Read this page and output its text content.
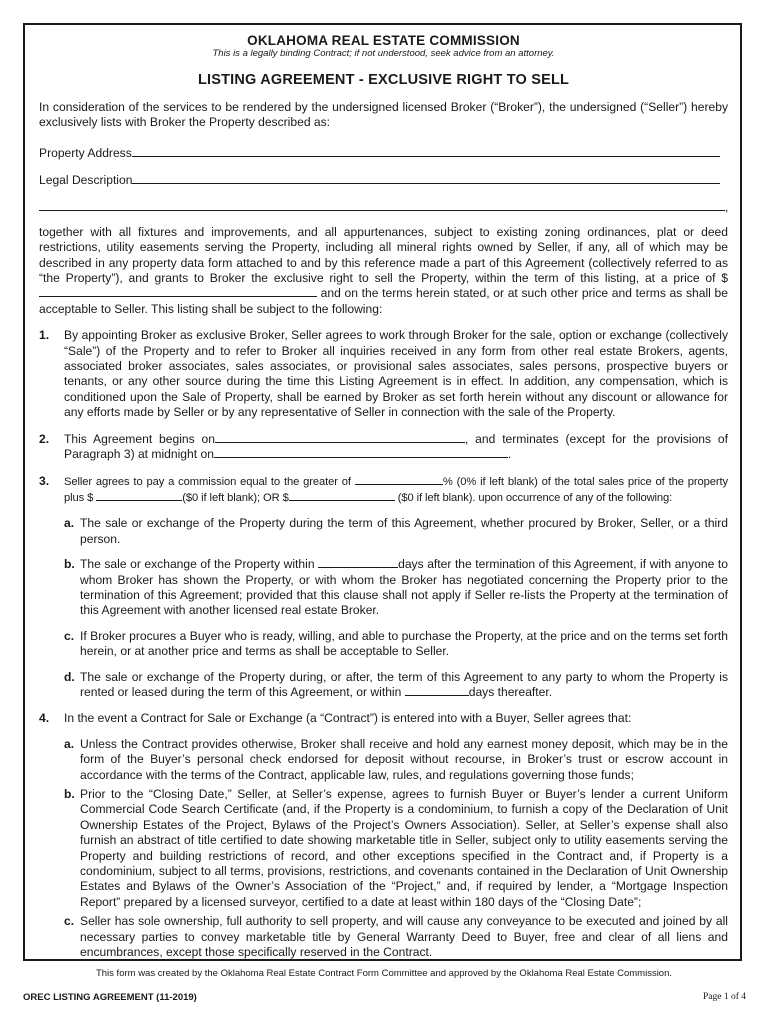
OKLAHOMA REAL ESTATE COMMISSION
This is a legally binding Contract; if not understood, seek advice from an attorney.
LISTING AGREEMENT - EXCLUSIVE RIGHT TO SELL

In consideration of the services to be rendered by the undersigned licensed Broker (“Broker”), the undersigned (“Seller”) hereby exclusively lists with Broker the Property described as:

Property Address
Legal Description
,

together with all fixtures and improvements, and all appurtenances, subject to existing zoning ordinances, plat or deed restrictions, utility easements serving the Property, including all mineral rights owned by Seller, if any, all of which may be described in any property data form attached to and by this reference made a part of this Agreement (collectively referred to as “the Property”), and grants to Broker the exclusive right to sell the Property, within the term of this listing, at a price of $ and on the terms herein stated, or at such other price and terms as shall be acceptable to Seller. This listing shall be subject to the following:

1.	By appointing Broker as exclusive Broker, Seller agrees to work through Broker for the sale, option or exchange (collectively “Sale”) of the Property and to refer to Broker all inquiries received in any form from other real estate Brokers, agents, associated broker associates, sales associates, or provisional sales associates, sales persons, prospective buyers or tenants, or any other source during the time this Listing Agreement is in effect. In addition, any compensation, which is conditioned upon the Sale of Property, shall be earned by Broker as set forth herein without any discount or allowance for any efforts made by Seller or by any representative of Seller in connection with the sale of the Property.
2.	This Agreement begins on	, and terminates (except for the provisions of Paragraph 3) at midnight on	.
3.	Seller agrees to pay a commission equal to the greater of	% (0% if left blank) of the total sales price of the property plus $	($0 if left blank); OR $	($0 if left blank). upon occurrence of any of the following:
a. The sale or exchange of the Property during the term of this Agreement, whether procured by Broker, Seller, or a third person.
b. The sale or exchange of the Property within	days after the termination of this Agreement, if with anyone to whom Broker has shown the Property, or with whom the Broker has negotiated concerning the Property prior to the termination of this Agreement; provided that this clause shall not apply if Seller re-lists the Property at the termination of this Agreement with another licensed real estate Broker.
c. If Broker procures a Buyer who is ready, willing, and able to purchase the Property, at the price and on the terms set forth herein, or at another price and terms as shall be acceptable to Seller.
d. The sale or exchange of the Property during, or after, the term of this Agreement to any party to whom the Property is rented or leased during the term of this Agreement, or within	days thereafter.
4.	In the event a Contract for Sale or Exchange (a “Contract”) is entered into with a Buyer, Seller agrees that:
a. Unless the Contract provides otherwise, Broker shall receive and hold any earnest money deposit, which may be in the form of the Buyer’s personal check endorsed for deposit without recourse, in Broker’s trust or escrow account in accordance with the terms of the Contract, applicable law, rules, and regulations governing those funds;
b. Prior to the “Closing Date,” Seller, at Seller’s expense, agrees to furnish Buyer or Buyer’s lender a current Uniform Commercial Code Search Certificate (and, if the Property is a condominium, to furnish a copy of the Declaration of Unit Ownership Estates of the Project, Bylaws of the Project’s Owners Association). Seller, at Seller’s expense shall also furnish an abstract of title certified to date showing marketable title in Seller, subject only to utility easements serving the Property and building restrictions of record, and other exceptions specified in the Contract and, if Property is a condominium, subject to all terms, provisions, restrictions, and covenants contained in the Declaration of Unit Ownership Estates and Bylaws of the Owner’s Association of the “Project,” and, if required by lender, a “Mortgage Inspection Report” prepared by a licensed surveyor, certified to a date at least within 180 days of the “Closing Date”;
c. Seller has sole ownership, full authority to sell property, and will cause any conveyance to be executed and joined by all necessary parties to convey marketable title by General Warranty Deed to Buyer, free and clear of all liens and encumbrances, except those specifically reserved in the Contract.
This form was created by the Oklahoma Real Estate Contract Form Committee and approved by the Oklahoma Real Estate Commission.
OREC LISTING AGREEMENT (11-2019)	Page 1 of 4
